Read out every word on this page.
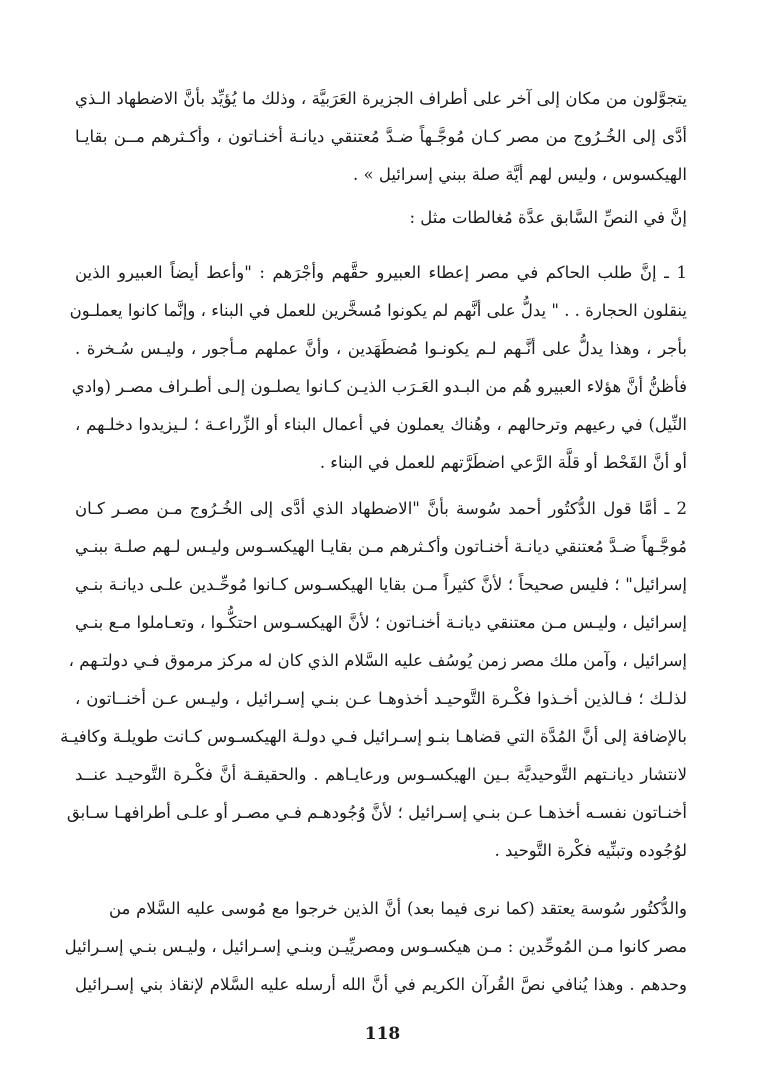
يتجوَّلون من مكان إلى آخر على أطراف الجزيرة العَرَبيَّة ، وذلك ما يُؤيِّد بأنَّ الاضطهاد الـذي
أدَّى إلى الخُـرُوج من مصر كـان مُوجَّـهاً ضـدَّ مُعتنقي ديانـة أخنـاتون ، وأكـثرهم مــن بقايـا
الهيكسوس ، وليس لهم أيَّة صلة ببني إسرائيل » .
إنَّ في النصِّ السَّابق عدَّة مُغالطات مثل :
1 ـ إنَّ طلب الحاكم في مصر إعطاء العبيرو حقَّهم وأجْرَهم : "وأعط أيضاً العبيرو الذين
ينقلون الحجارة . . " يدلُّ على أنَّهم لم يكونوا مُسخَّرين للعمل في البناء ، وإنَّما كانوا يعملـون
بأجر ، وهذا يدلُّ على أنَّـهم لـم يكونـوا مُضطَهَدين ، وأنَّ عملهم مـأجور ، وليـس سُـخرة .
فأظنُّ أنَّ هؤلاء العبيرو هُم من البـدو العَـرَب الذيـن كـانوا يصلـون إلـى أطـراف مصـر (وادي
النِّيل) في رعيهم وترحالهم ، وهُناك يعملون في أعمال البناء أو الزِّراعـة ؛ لـيزيدوا دخلـهم ،
أو أنَّ القَحْط أو قلَّة الرَّعي اضطَرَّتهم للعمل في البناء .
2 ـ أمَّا قول الدُّكتُور أحمد سُوسة بأنَّ "الاضطهاد الذي أدَّى إلى الخُـرُوج مـن مصـر كـان
مُوجَّـهاً ضـدَّ مُعتنقي ديانـة أخنـاتون وأكـثرهم مـن بقايـا الهيكسـوس وليـس لـهم صلـة ببنـي
إسرائيل" ؛ فليس صحيحاً ؛ لأنَّ كثيراً مـن بقايا الهيكسـوس كـانوا مُوحِّـدين علـى ديانـة بنـي
إسرائيل ، وليـس مـن معتنقي ديانـة أخنـاتون ؛ لأنَّ الهيكسـوس احتكُّـوا ، وتعـاملوا مـع بنـي
إسرائيل ، وآمن ملك مصر زمن يُوسُف عليه السَّلام الذي كان له مركز مرموق فـي دولتـهم ،
لذلـك ؛ فـالذين أخـذوا فكْـرة التَّوحيـد أخذوهـا عـن بنـي إسـرائيل ، وليـس عـن أخنــاتون ،
بالإضافة إلى أنَّ المُدَّة التي قضاهـا بنـو إسـرائيل فـي دولـة الهيكسـوس كـانت طويلـة وكافيـة
لانتشار ديانـتهم التَّوحيديَّة بـين الهيكسـوس ورعايـاهم . والحقيقـة أنَّ فكْـرة التَّوحيـد عنــد
أخنـاتون نفسـه أخذهـا عـن بنـي إسـرائيل ؛ لأنَّ وُجُودهـم فـي مصـر أو علـى أطرافهـا سـابق
لوُجُوده وتبنِّيه فكْرة التَّوحيد .
والدُّكتُور سُوسة يعتقد (كما نرى فيما بعد) أنَّ الذين خرجوا مع مُوسى عليه السَّلام من
مصر كانوا مـن المُوحِّدين : مـن هيكسـوس ومصريِّيـن وبنـي إسـرائيل ، وليـس بنـي إسـرائيل
وحدهم . وهذا يُنافي نصَّ القُرآن الكريم في أنَّ الله أرسله عليه السَّلام لإنقاذ بني إسـرائيل
118
